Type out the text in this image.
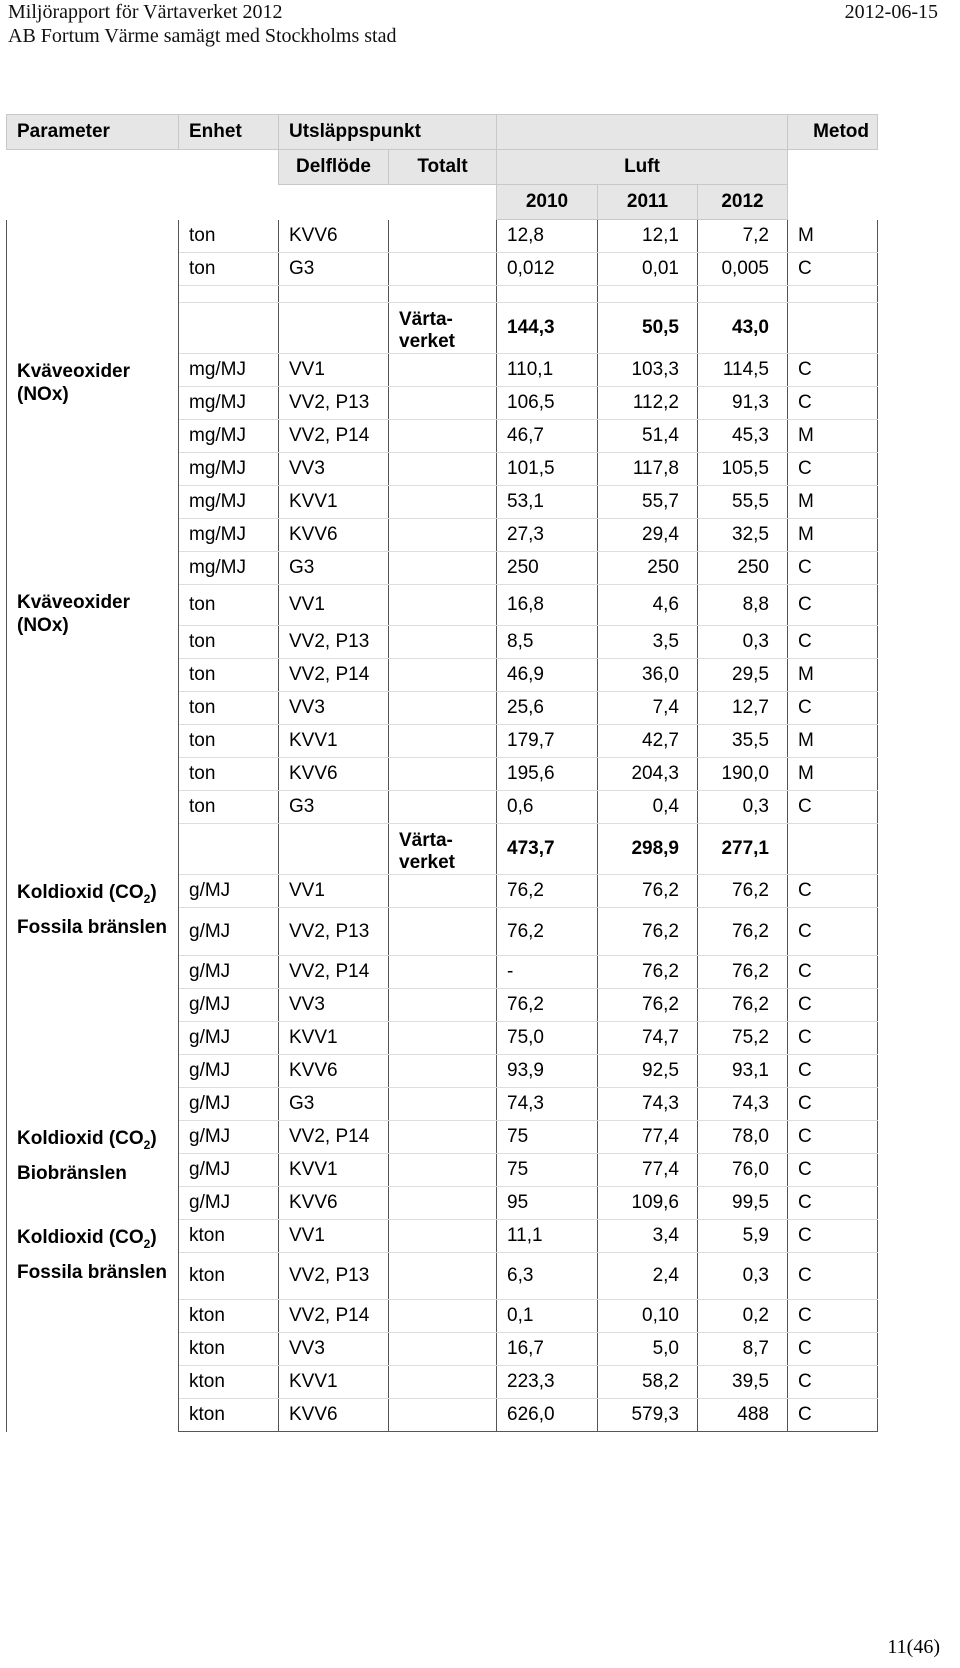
Miljörapport för Värtaverket 2012	2012-06-15
AB Fortum Värme samägt med Stockholms stad
Parameter	Enhet	Utsläppspunkt					Metod
		Delflöde	Totalt	Luft			
				2010	2011	2012	
	ton	KVV6		12,8	12,1	7,2	M
	ton	G3		0,012	0,01	0,005	C

			Värta-verket	144,3	50,5	43,0	
Kväveoxider (NOx)	mg/MJ	VV1		110,1	103,3	114,5	C
	mg/MJ	VV2, P13		106,5	112,2	91,3	C
	mg/MJ	VV2, P14		46,7	51,4	45,3	M
	mg/MJ	VV3		101,5	117,8	105,5	C
	mg/MJ	KVV1		53,1	55,7	55,5	M
	mg/MJ	KVV6		27,3	29,4	32,5	M
	mg/MJ	G3		250	250	250	C
Kväveoxider (NOx)	ton	VV1		16,8	4,6	8,8	C
	ton	VV2, P13		8,5	3,5	0,3	C
	ton	VV2, P14		46,9	36,0	29,5	M
	ton	VV3		25,6	7,4	12,7	C
	ton	KVV1		179,7	42,7	35,5	M
	ton	KVV6		195,6	204,3	190,0	M
	ton	G3		0,6	0,4	0,3	C
			Värta-verket	473,7	298,9	277,1	
Koldioxid $(CO_2)$
Fossila bränslen	g/MJ	VV1		76,2	76,2	76,2	C
	g/MJ	VV2, P13		76,2	76,2	76,2	C
	g/MJ	VV2, P14		-	76,2	76,2	C
	g/MJ	VV3		76,2	76,2	76,2	C
	g/MJ	KVV1		75,0	74,7	75,2	C
	g/MJ	KVV6		93,9	92,5	93,1	C
	g/MJ	G3		74,3	74,3	74,3	C
Koldioxid $(CO_2)$
Biobränslen	g/MJ	VV2, P14		75	77,4	78,0	C
	g/MJ	KVV1		75	77,4	76,0	C
	g/MJ	KVV6		95	109,6	99,5	C
Koldioxid $(CO_2)$
Fossila bränslen	kton	VV1		11,1	3,4	5,9	C
	kton	VV2, P13		6,3	2,4	0,3	C
	kton	VV2, P14		0,1	0,10	0,2	C
	kton	VV3		16,7	5,0	8,7	C
	kton	KVV1		223,3	58,2	39,5	C
	kton	KVV6		626,0	579,3	488	C
11(46)
